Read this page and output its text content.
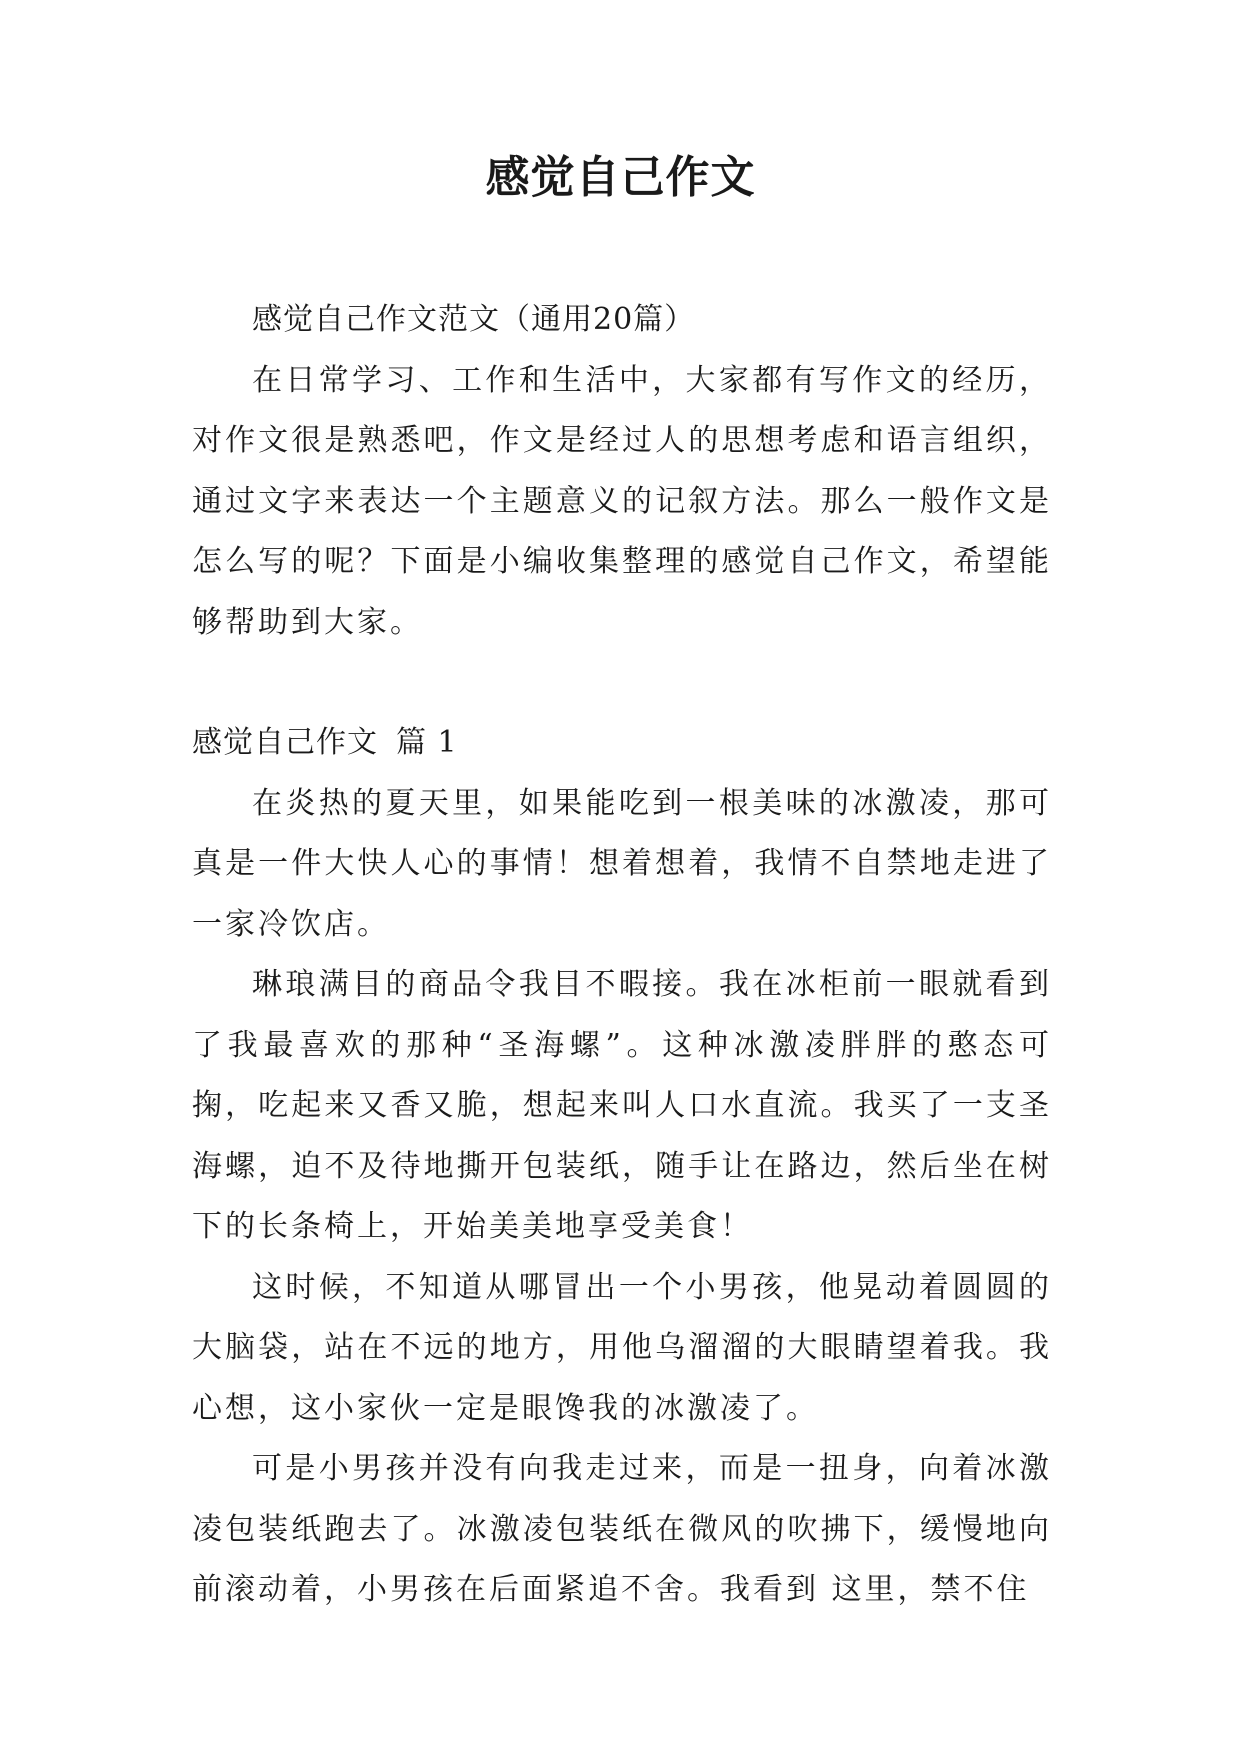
感觉自己作文

感觉自己作文范文（通用20篇）

在日常学习、工作和生活中，大家都有写作文的经历，对作文很是熟悉吧，作文是经过人的思想考虑和语言组织，通过文字来表达一个主题意义的记叙方法。那么一般作文是怎么写的呢？下面是小编收集整理的感觉自己作文，希望能够帮助到大家。

感觉自己作文 篇 1

在炎热的夏天里，如果能吃到一根美味的冰激凌，那可真是一件大快人心的事情！想着想着，我情不自禁地走进了一家冷饮店。

琳琅满目的商品令我目不暇接。我在冰柜前一眼就看到了我最喜欢的那种“圣海螺”。这种冰激凌胖胖的憨态可掬，吃起来又香又脆，想起来叫人口水直流。我买了一支圣海螺，迫不及待地撕开包装纸，随手让在路边，然后坐在树下的长条椅上，开始美美地享受美食！

这时候，不知道从哪冒出一个小男孩，他晃动着圆圆的大脑袋，站在不远的地方，用他乌溜溜的大眼睛望着我。我心想，这小家伙一定是眼馋我的冰激凌了。

可是小男孩并没有向我走过来，而是一扭身，向着冰激凌包装纸跑去了。冰激凌包装纸在微风的吹拂下，缓慢地向前滚动着，小男孩在后面紧追不舍。我看到 这里，禁不住
